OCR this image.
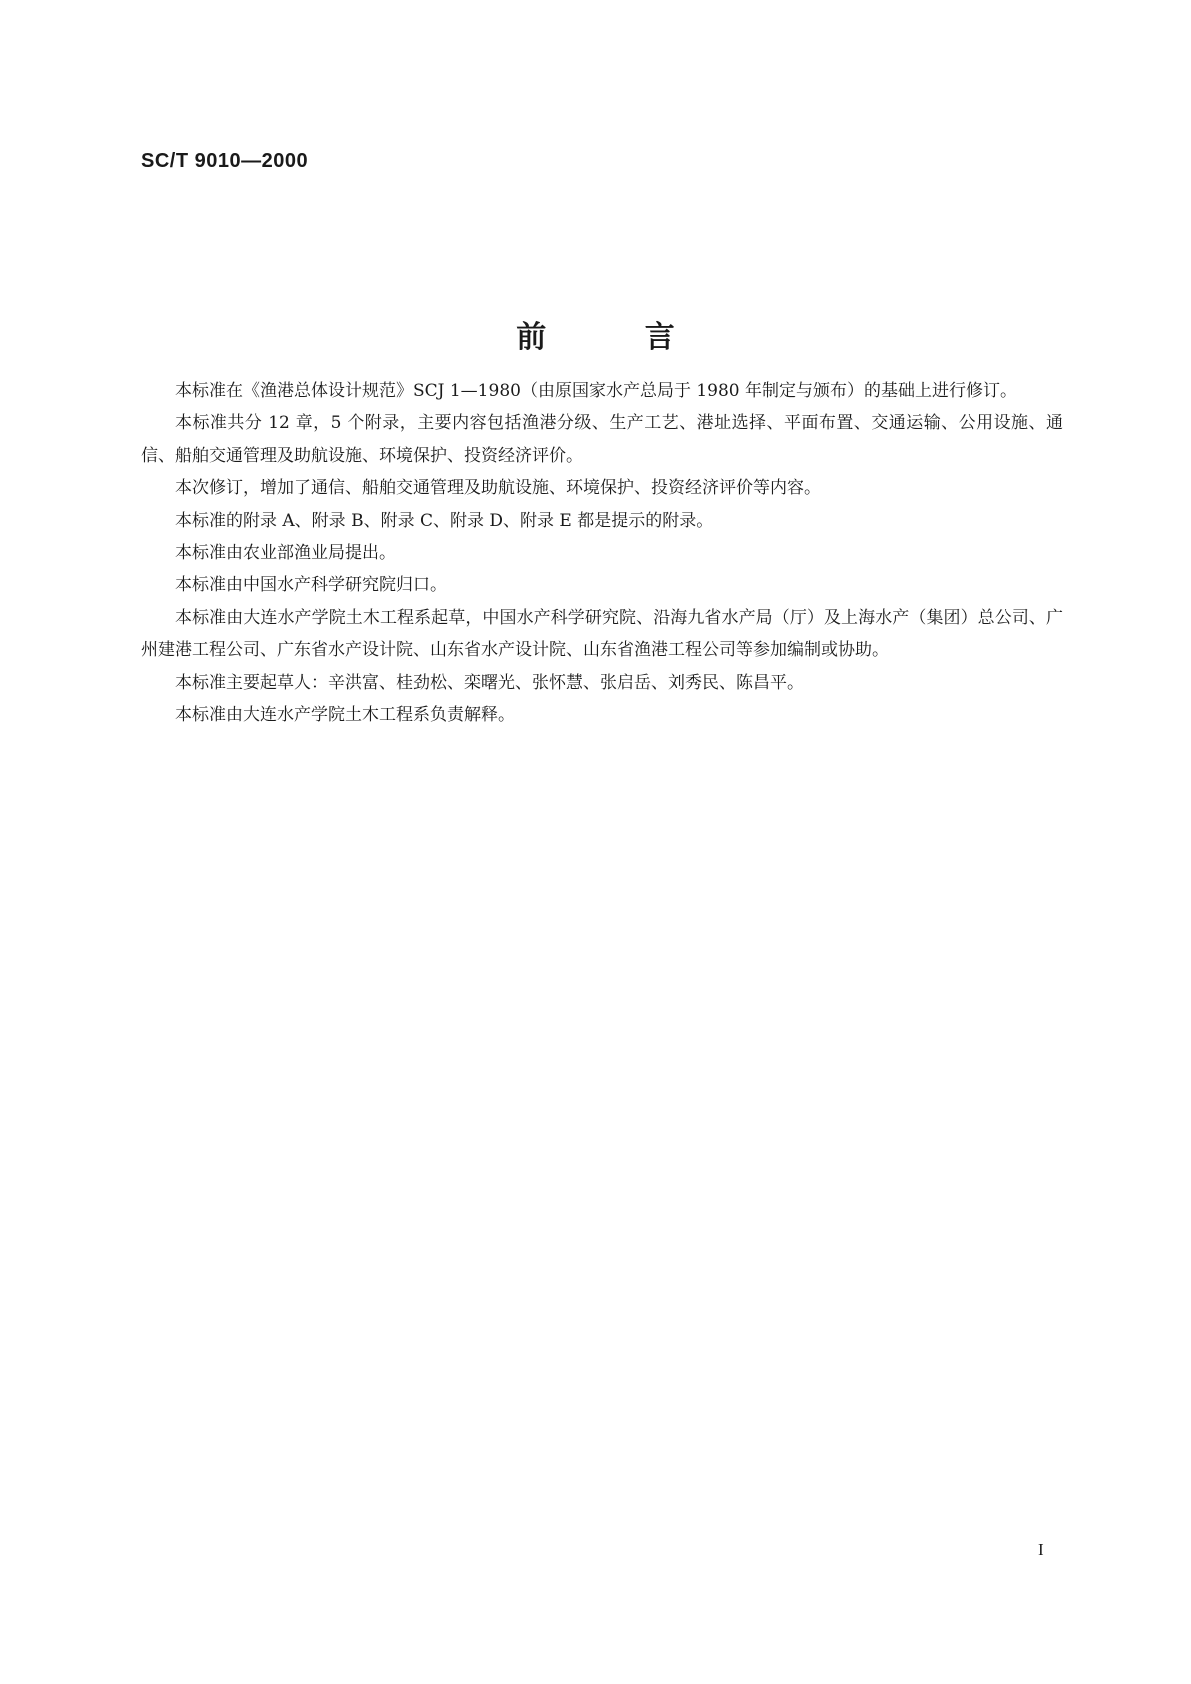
SC/T 9010—2000
前 言

本标准在《渔港总体设计规范》SCJ 1—1980（由原国家水产总局于 1980 年制定与颁布）的基础上进行修订。

本标准共分 12 章，5 个附录，主要内容包括渔港分级、生产工艺、港址选择、平面布置、交通运输、公用设施、通信、船舶交通管理及助航设施、环境保护、投资经济评价。

本次修订，增加了通信、船舶交通管理及助航设施、环境保护、投资经济评价等内容。

本标准的附录 A、附录 B、附录 C、附录 D、附录 E 都是提示的附录。

本标准由农业部渔业局提出。

本标准由中国水产科学研究院归口。

本标准由大连水产学院土木工程系起草，中国水产科学研究院、沿海九省水产局（厅）及上海水产（集团）总公司、广州建港工程公司、广东省水产设计院、山东省水产设计院、山东省渔港工程公司等参加编制或协助。

本标准主要起草人：辛洪富、桂劲松、栾曙光、张怀慧、张启岳、刘秀民、陈昌平。

本标准由大连水产学院土木工程系负责解释。

I
